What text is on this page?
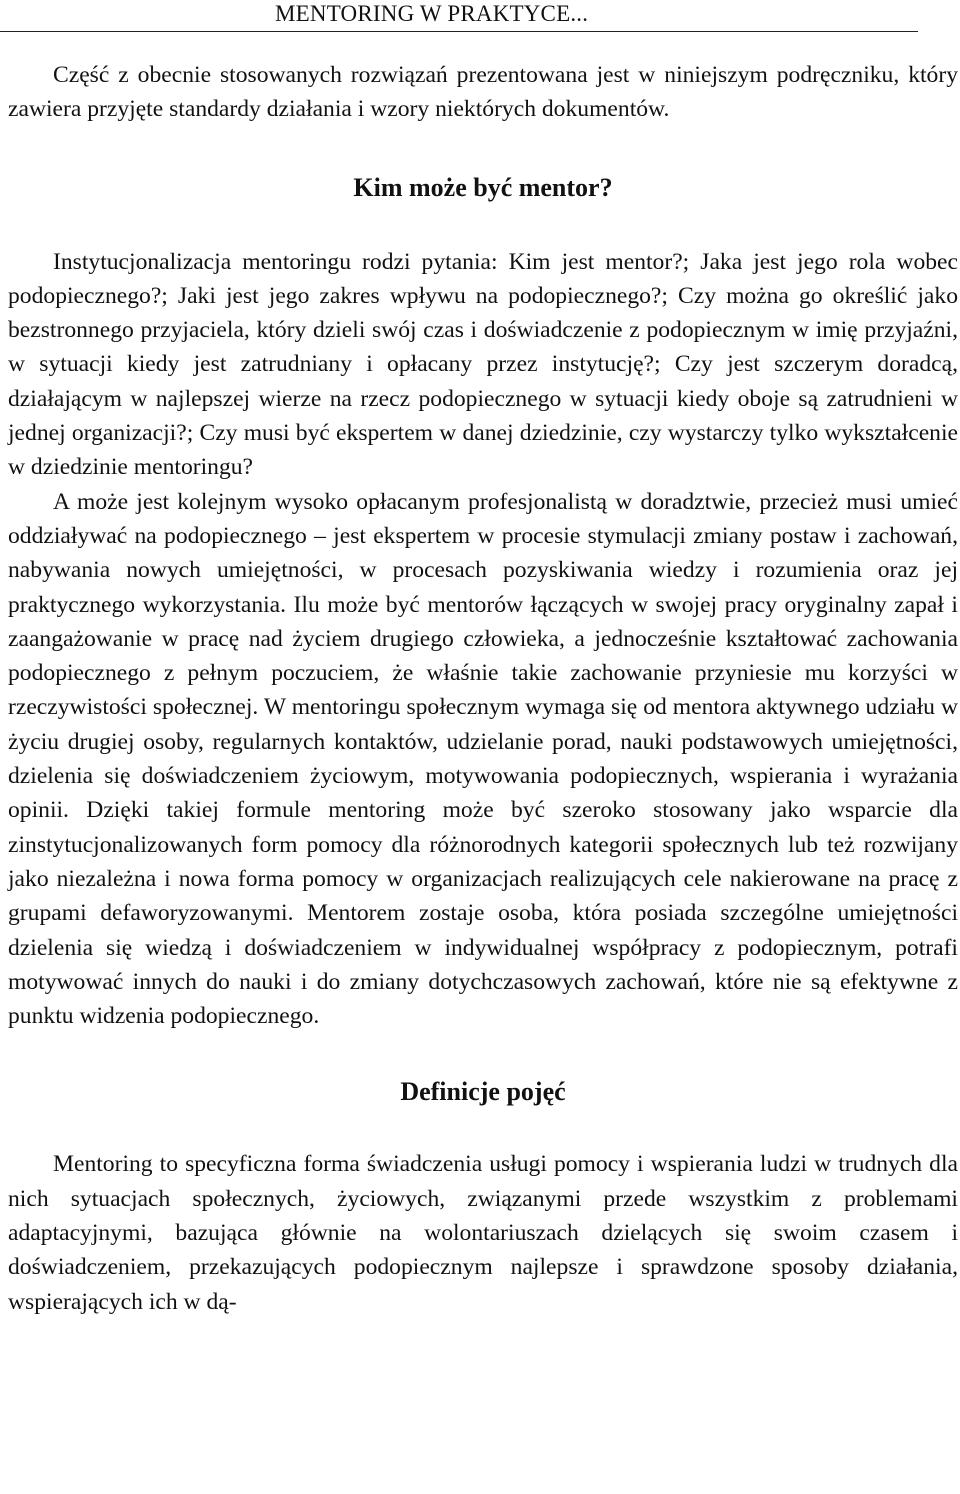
MENTORING W PRAKTYCE...

Część z obecnie stosowanych rozwiązań prezentowana jest w niniejszym podręczniku, który zawiera przyjęte standardy działania i wzory niektórych dokumentów.

Kim może być mentor?

Instytucjonalizacja mentoringu rodzi pytania: Kim jest mentor?; Jaka jest jego rola wobec podopiecznego?; Jaki jest jego zakres wpływu na podopiecznego?; Czy można go określić jako bezstronnego przyjaciela, który dzieli swój czas i doświadczenie z podopiecznym w imię przyjaźni, w sytuacji kiedy jest zatrudniany i opłacany przez instytucję?; Czy jest szczerym doradcą, działającym w najlepszej wierze na rzecz podopiecznego w sytuacji kiedy oboje są zatrudnieni w jednej organizacji?; Czy musi być ekspertem w danej dziedzinie, czy wystarczy tylko wykształcenie w dziedzinie mentoringu?

A może jest kolejnym wysoko opłacanym profesjonalistą w doradztwie, przecież musi umieć oddziaływać na podopiecznego – jest ekspertem w procesie stymulacji zmiany postaw i zachowań, nabywania nowych umiejętności, w procesach pozyskiwania wiedzy i rozumienia oraz jej praktycznego wykorzystania. Ilu może być mentorów łączących w swojej pracy oryginalny zapał i zaangażowanie w pracę nad życiem drugiego człowieka, a jednocześnie kształtować zachowania podopiecznego z pełnym poczuciem, że właśnie takie zachowanie przyniesie mu korzyści w rzeczywistości społecznej. W mentoringu społecznym wymaga się od mentora aktywnego udziału w życiu drugiej osoby, regularnych kontaktów, udzielanie porad, nauki podstawowych umiejętności, dzielenia się doświadczeniem życiowym, motywowania podopiecznych, wspierania i wyrażania opinii. Dzięki takiej formule mentoring może być szeroko stosowany jako wsparcie dla zinstytucjonalizowanych form pomocy dla różnorodnych kategorii społecznych lub też rozwijany jako niezależna i nowa forma pomocy w organizacjach realizujących cele nakierowane na pracę z grupami defaworyzowanymi. Mentorem zostaje osoba, która posiada szczególne umiejętności dzielenia się wiedzą i doświadczeniem w indywidualnej współpracy z podopiecznym, potrafi motywować innych do nauki i do zmiany dotychczasowych zachowań, które nie są efektywne z punktu widzenia podopiecznego.

Definicje pojęć

Mentoring to specyficzna forma świadczenia usługi pomocy i wspierania ludzi w trudnych dla nich sytuacjach społecznych, życiowych, związanymi przede wszystkim z problemami adaptacyjnymi, bazująca głównie na wolontariuszach dzielących się swoim czasem i doświadczeniem, przekazujących podopiecznym najlepsze i sprawdzone sposoby działania, wspierających ich w dą-
